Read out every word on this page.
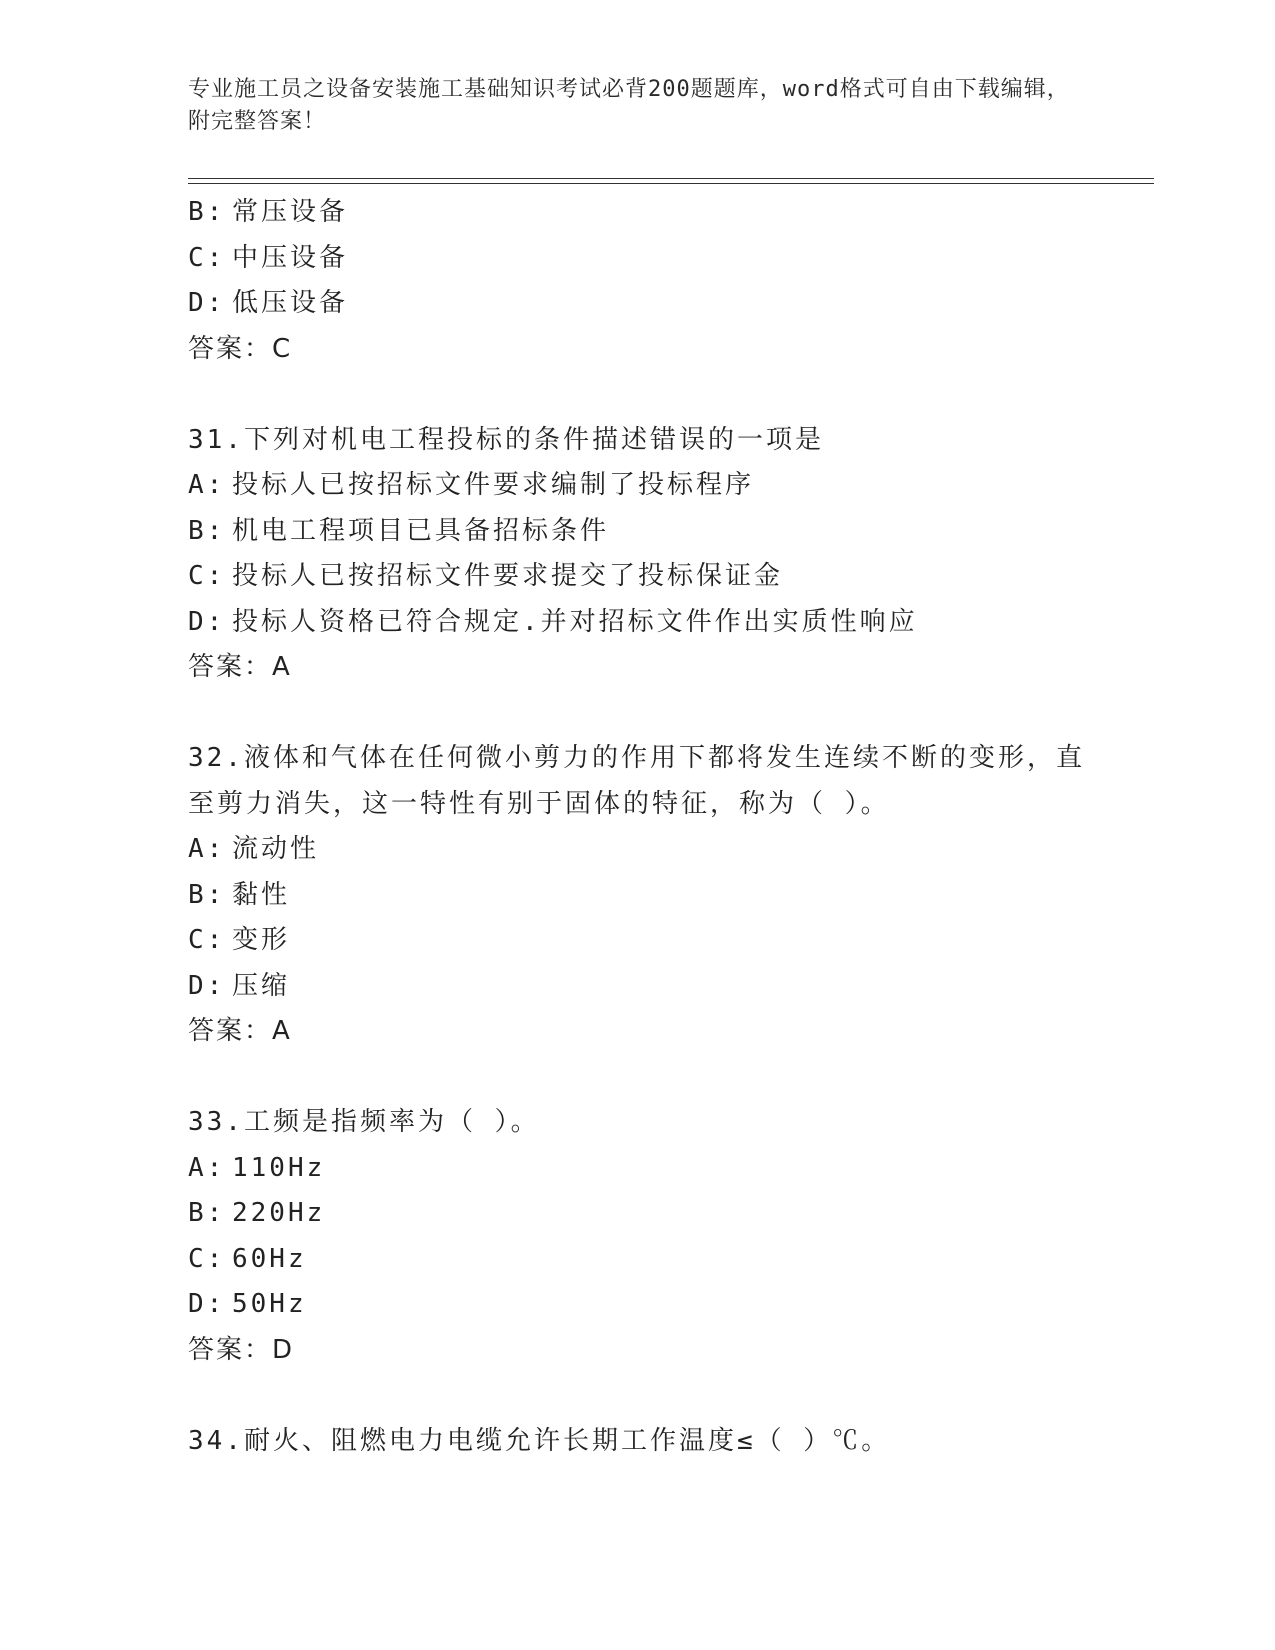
专业施工员之设备安装施工基础知识考试必背200题题库，word格式可自由下载编辑，附完整答案！
B: 常压设备
C: 中压设备
D: 低压设备
答案：C
31.下列对机电工程投标的条件描述错误的一项是
A: 投标人已按招标文件要求编制了投标程序
B: 机电工程项目已具备招标条件
C: 投标人已按招标文件要求提交了投标保证金
D: 投标人资格已符合规定.并对招标文件作出实质性响应
答案：A
32.液体和气体在任何微小剪力的作用下都将发生连续不断的变形，直
至剪力消失，这一特性有别于固体的特征，称为（ ）。
A: 流动性
B: 黏性
C: 变形
D: 压缩
答案：A
33.工频是指频率为（ ）。
A: 110Hz
B: 220Hz
C: 60Hz
D: 50Hz
答案：D
34.耐火、阻燃电力电缆允许长期工作温度≤（ ）℃。
